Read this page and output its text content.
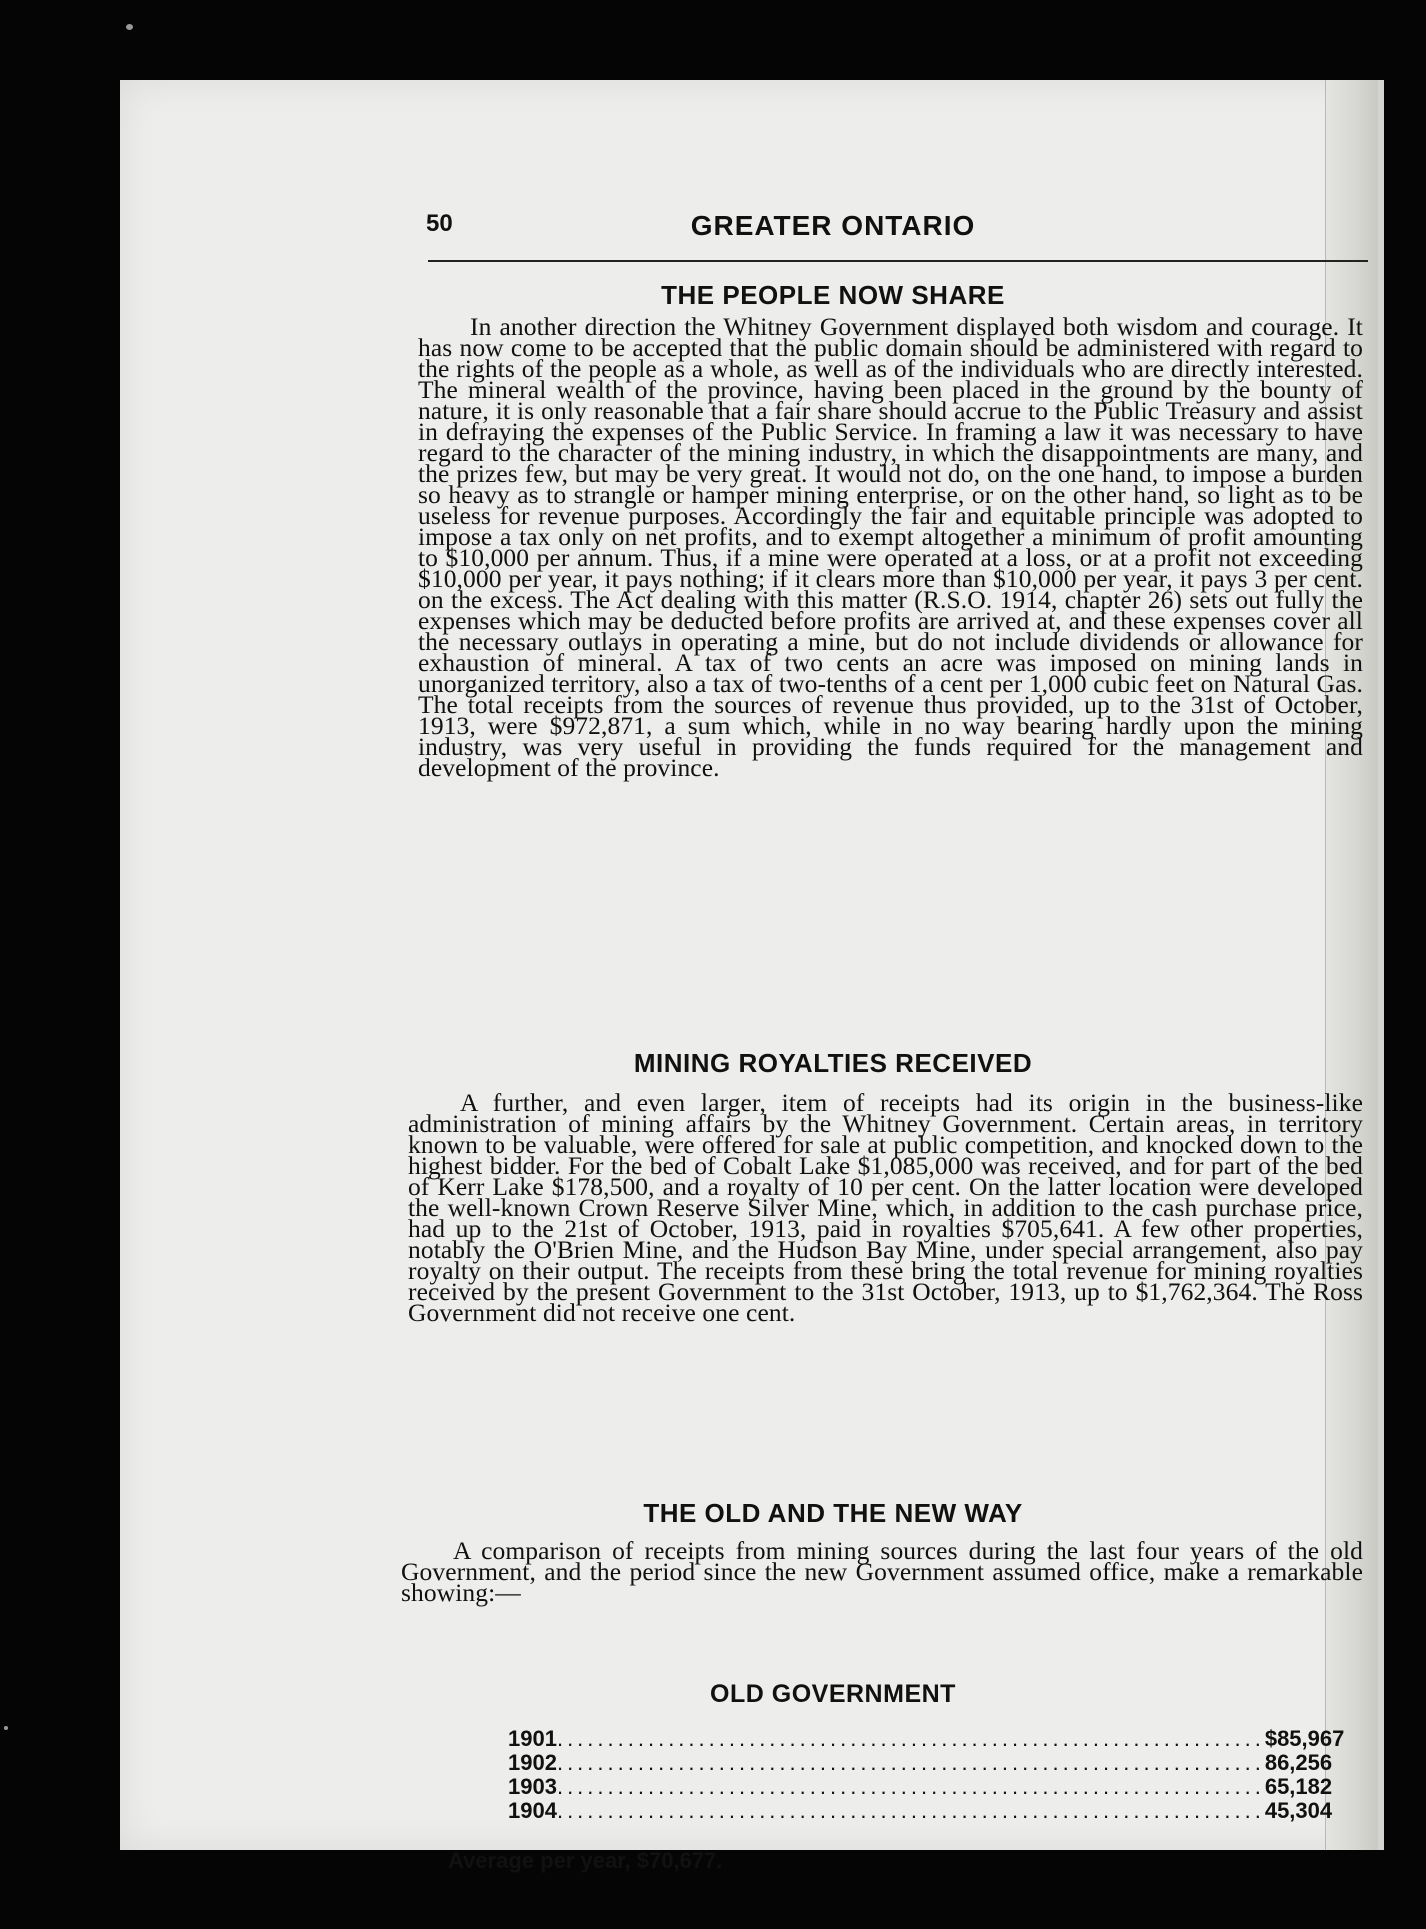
50	GREATER ONTARIO
THE PEOPLE NOW SHARE

In another direction the Whitney Government displayed both wisdom and courage. It has now come to be accepted that the public domain should be administered with regard to the rights of the people as a whole, as well as of the individuals who are directly interested. The mineral wealth of the province, having been placed in the ground by the bounty of nature, it is only reasonable that a fair share should accrue to the Public Treasury and assist in defraying the expenses of the Public Service. In framing a law it was necessary to have regard to the character of the mining industry, in which the disappointments are many, and the prizes few, but may be very great. It would not do, on the one hand, to impose a burden so heavy as to strangle or hamper mining enterprise, or on the other hand, so light as to be useless for revenue purposes. Accordingly the fair and equitable principle was adopted to impose a tax only on net profits, and to exempt altogether a minimum of profit amounting to $10,000 per annum. Thus, if a mine were operated at a loss, or at a profit not exceeding $10,000 per year, it pays nothing; if it clears more than $10,000 per year, it pays 3 per cent. on the excess. The Act dealing with this matter (R.S.O. 1914, chapter 26) sets out fully the expenses which may be deducted before profits are arrived at, and these expenses cover all the necessary outlays in operating a mine, but do not include dividends or allowance for exhaustion of mineral. A tax of two cents an acre was imposed on mining lands in unorganized territory, also a tax of two-tenths of a cent per 1,000 cubic feet on Natural Gas. The total receipts from the sources of revenue thus provided, up to the 31st of October, 1913, were $972,871, a sum which, while in no way bearing hardly upon the mining industry, was very useful in providing the funds required for the management and development of the province.

MINING ROYALTIES RECEIVED

A further, and even larger, item of receipts had its origin in the business-like administration of mining affairs by the Whitney Government. Certain areas, in territory known to be valuable, were offered for sale at public competition, and knocked down to the highest bidder. For the bed of Cobalt Lake $1,085,000 was received, and for part of the bed of Kerr Lake $178,500, and a royalty of 10 per cent. On the latter location were developed the well-known Crown Reserve Silver Mine, which, in addition to the cash purchase price, had up to the 21st of October, 1913, paid in royalties $705,641. A few other properties, notably the O'Brien Mine, and the Hudson Bay Mine, under special arrangement, also pay royalty on their output. The receipts from these bring the total revenue for mining royalties received by the present Government to the 31st October, 1913, up to $1,762,364. The Ross Government did not receive one cent.

THE OLD AND THE NEW WAY

A comparison of receipts from mining sources during the last four years of the old Government, and the period since the new Government assumed office, make a remarkable showing:—

OLD GOVERNMENT
1901 ...................................................................... $85,967
1902 ...................................................................... 86,256
1903 ...................................................................... 65,182
1904 ...................................................................... 45,304
Average per year, $70,677.
